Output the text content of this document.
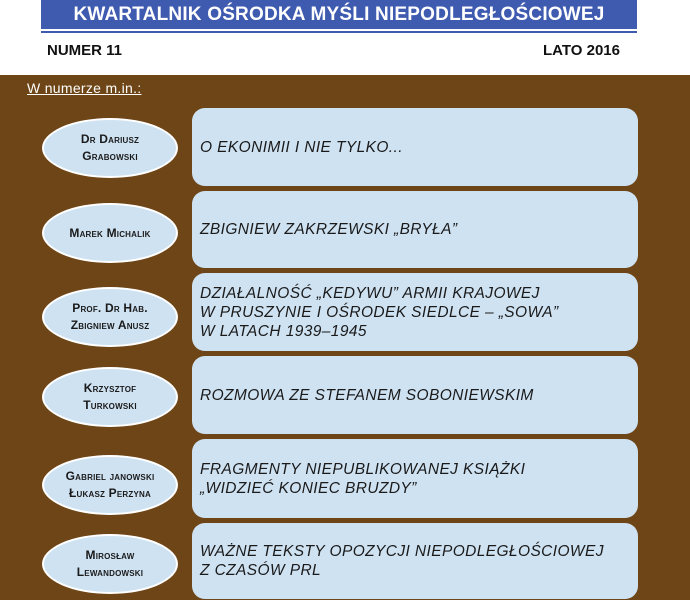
KWARTALNIK OŚRODKA MYŚLI NIEPODLEGŁOŚCIOWEJ
NUMER 11	LATO 2016
W numerze m.in.:
Dr Dariusz
Grabowski
O EKONIMII I NIE TYLKO...
Marek Michalik	ZBIGNIEW ZAKRZEWSKI „BRYŁA”
Prof. Dr Hab.
Zbigniew Anusz
DZIAŁALNOŚĆ „KEDYWU” ARMII KRAJOWEJ
W PRUSZYNIE I OŚRODEK SIEDLCE – „SOWA”
W LATACH 1939–1945
Krzysztof
Turkowski
ROZMOWA ZE STEFANEM SOBONIEWSKIM
Gabriel janowski
Łukasz Perzyna
FRAGMENTY NIEPUBLIKOWANEJ KSIĄŻKI
„WIDZIEĆ KONIEC BRUZDY”
Mirosław
Lewandowski
WAŻNE TEKSTY OPOZYCJI NIEPODLEGŁOŚCIOWEJ
Z CZASÓW PRL
